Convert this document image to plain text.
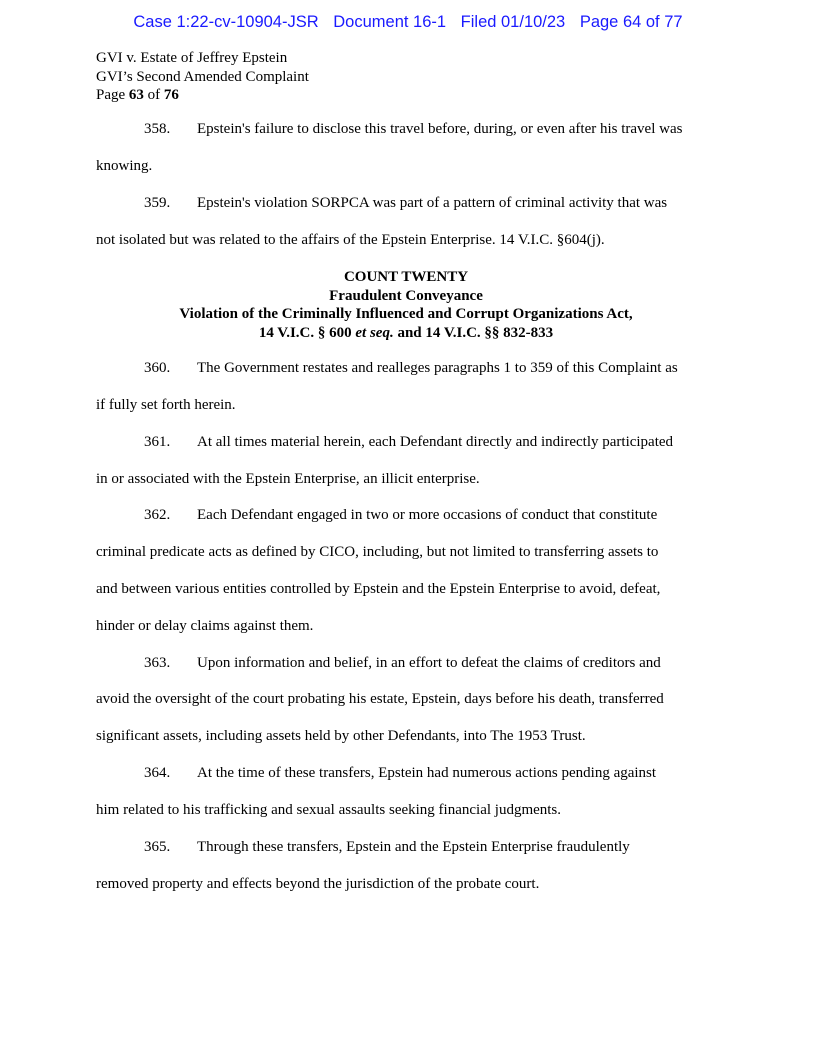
Case 1:22-cv-10904-JSR Document 16-1 Filed 01/10/23 Page 64 of 77
GVI v. Estate of Jeffrey Epstein
GVI’s Second Amended Complaint
Page 63 of 76
358. Epstein's failure to disclose this travel before, during, or even after his travel was
knowing.
359. Epstein's violation SORPCA was part of a pattern of criminal activity that was
not isolated but was related to the affairs of the Epstein Enterprise. 14 V.I.C. §604(j).
360. The Government restates and realleges paragraphs 1 to 359 of this Complaint as
if fully set forth herein.
361. At all times material herein, each Defendant directly and indirectly participated
in or associated with the Epstein Enterprise, an illicit enterprise.
362. Each Defendant engaged in two or more occasions of conduct that constitute
criminal predicate acts as defined by CICO, including, but not limited to transferring assets to
and between various entities controlled by Epstein and the Epstein Enterprise to avoid, defeat,
hinder or delay claims against them.
363. Upon information and belief, in an effort to defeat the claims of creditors and
avoid the oversight of the court probating his estate, Epstein, days before his death, transferred
significant assets, including assets held by other Defendants, into The 1953 Trust.
364. At the time of these transfers, Epstein had numerous actions pending against
him related to his trafficking and sexual assaults seeking financial judgments.
365. Through these transfers, Epstein and the Epstein Enterprise fraudulently
removed property and effects beyond the jurisdiction of the probate court.
COUNT TWENTY
Fraudulent Conveyance
Violation of the Criminally Influenced and Corrupt Organizations Act,
14 V.I.C. § 600 et seq. and 14 V.I.C. §§ 832-833
